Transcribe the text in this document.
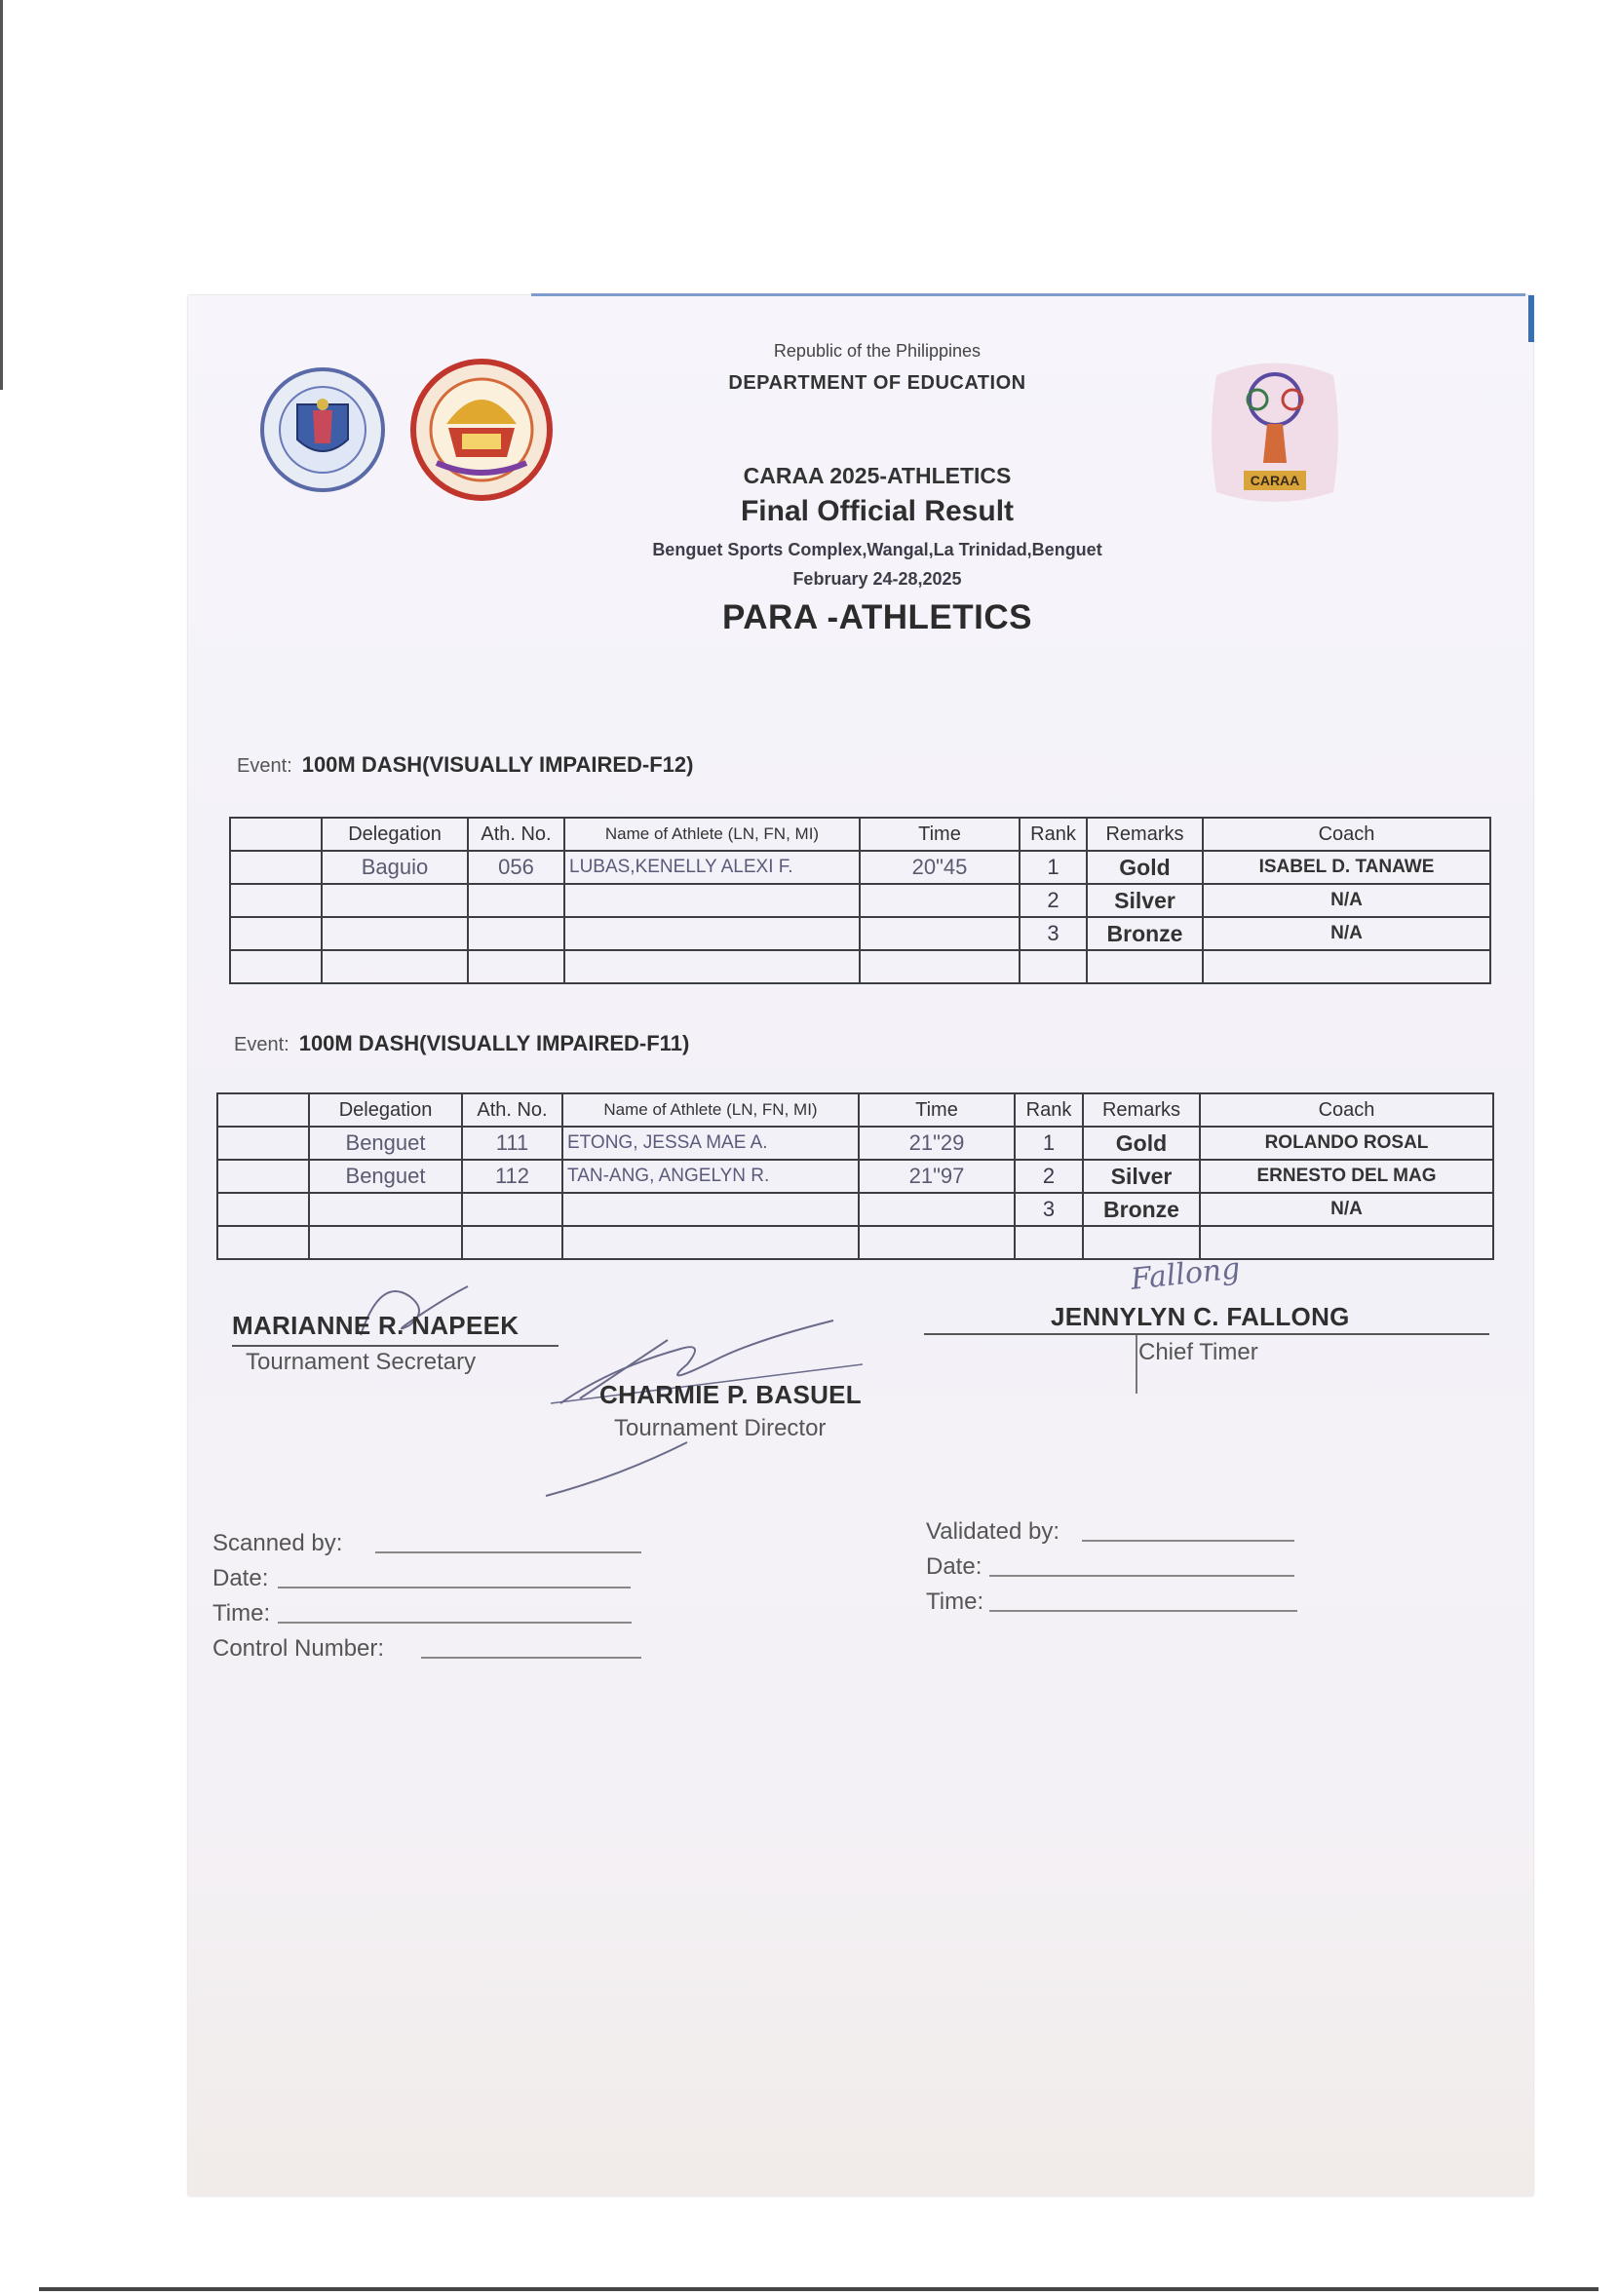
CARAA
Republic of the Philippines
DEPARTMENT OF EDUCATION
CARAA 2025-ATHLETICS
Final Official Result
Benguet Sports Complex,Wangal,La Trinidad,Benguet
February 24-28,2025
PARA -ATHLETICS
Event: 100M DASH(VISUALLY IMPAIRED-F12)
	Delegation	Ath. No.	Name of Athlete (LN, FN, MI)	Time	Rank	Remarks	Coach
	Baguio	056	LUBAS,KENELLY ALEXI F.	20"45	1	Gold	ISABEL D. TANAWE
					2	Silver	N/A
					3	Bronze	N/A

Event: 100M DASH(VISUALLY IMPAIRED-F11)
	Delegation	Ath. No.	Name of Athlete (LN, FN, MI)	Time	Rank	Remarks	Coach
	Benguet	111	ETONG, JESSA MAE A.	21"29	1	Gold	ROLANDO ROSAL
	Benguet	112	TAN-ANG, ANGELYN R.	21"97	2	Silver	ERNESTO DEL MAG
					3	Bronze	N/A

MARIANNE R. NAPEEK
Tournament Secretary
CHARMIE P. BASUEL
Tournament Director
Fallong
JENNYLYN C. FALLONG
Chief Timer
Scanned by:
Date:
Time:
Control Number:
Validated by:
Date:
Time:
